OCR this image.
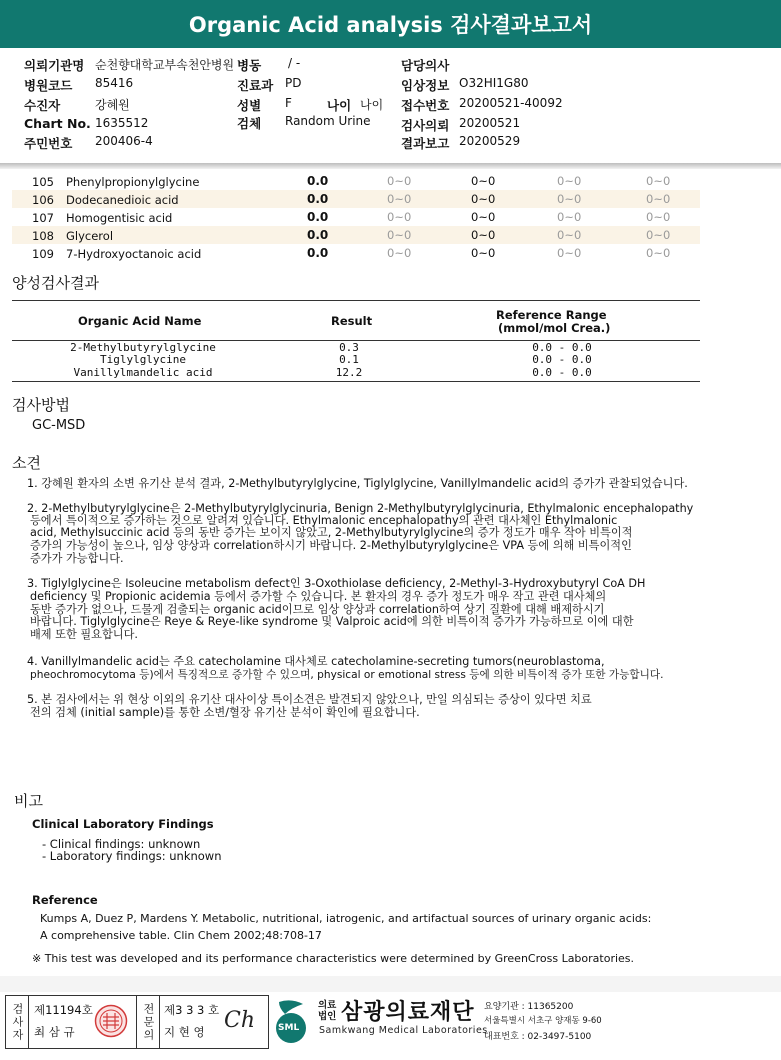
Organic Acid analysis 검사결과보고서
의뢰기관명 순천향대학교부속천안병원 병동 / -	담당의사
병원코드 85416	진료과 PD	임상정보 O32HI1G80
수진자	강혜원	성별 F	나이 나이 접수번호 20200521-40092
Chart No. 1635512	검체 Random Urine 검사의뢰 20200521
주민번호 200406-4	결과보고 20200529
105 Phenylpropionylglycine	0.0	0~0	0~0	0~0	0~0
106 Dodecanedioic acid	0.0	0~0	0~0	0~0	0~0
107 Homogentisic acid	0.0	0~0	0~0	0~0	0~0
108 Glycerol	0.0	0~0	0~0	0~0	0~0
109 7-Hydroxyoctanoic acid	0.0	0~0	0~0	0~0	0~0
양성검사결과
Organic Acid Name	Result	Reference Range
(mmol/mol Crea.)
2-Methylbutyrylglycine	0.3	0.0 - 0.0
Tiglylglycine	0.1	0.0 - 0.0
Vanillylmandelic acid	12.2	0.0 - 0.0
검사방법
GC-MSD
소견
1. 강혜원 환자의 소변 유기산 분석 결과, 2-Methylbutyrylglycine, Tiglylglycine, Vanillylmandelic acid의 증가가 관찰되었습니다.
2. 2-Methylbutyrylglycine은 2-Methylbutyrylglycinuria, Benign 2-Methylbutyrylglycinuria, Ethylmalonic encephalopathy
등에서 특이적으로 증가하는 것으로 알려져 있습니다. Ethylmalonic encephalopathy의 관련 대사체인 Ethylmalonic
acid, Methylsuccinic acid 등의 동반 증가는 보이지 않았고, 2-Methylbutyrylglycine의 증가 정도가 매우 작아 비특이적
증가의 가능성이 높으나, 임상 양상과 correlation하시기 바랍니다. 2-Methylbutyrylglycine은 VPA 등에 의해 비특이적인
증가가 가능합니다.
3. Tiglylglycine은 Isoleucine metabolism defect인 3-Oxothiolase deficiency, 2-Methyl-3-Hydroxybutyryl CoA DH
deficiency 및 Propionic acidemia 등에서 증가할 수 있습니다. 본 환자의 경우 증가 정도가 매우 작고 관련 대사체의
동반 증가가 없으나, 드물게 검출되는 organic acid이므로 임상 양상과 correlation하여 상기 질환에 대해 배제하시기
바랍니다. Tiglylglycine은 Reye & Reye-like syndrome 및 Valproic acid에 의한 비특이적 증가가 가능하므로 이에 대한
배제 또한 필요합니다.
4. Vanillylmandelic acid는 주요 catecholamine 대사체로 catecholamine-secreting tumors(neuroblastoma,
pheochromocytoma 등)에서 특징적으로 증가할 수 있으며, physical or emotional stress 등에 의한 비특이적 증가 또한 가능합니다.
5. 본 검사에서는 위 현상 이외의 유기산 대사이상 특이소견은 발견되지 않았으나, 만일 의심되는 증상이 있다면 치료
전의 검체 (initial sample)를 통한 소변/혈장 유기산 분석이 확인에 필요합니다.
비고
Clinical Laboratory Findings
- Clinical findings: unknown
- Laboratory findings: unknown
Reference
Kumps A, Duez P, Mardens Y. Metabolic, nutritional, iatrogenic, and artifactual sources of urinary organic acids:
A comprehensive table. Clin Chem 2002;48:708-17
※ This test was developed and its performance characteristics were determined by GreenCross Laboratories.
검사자 제11194호
최 삼 규	전문의 제3 3 3 호
지 현 영 Ch	SML
의료
법인 삼광의료재단
Samkwang Medical Laboratories
요양기관 : 11365200
서울특별시 서초구 양재동 9-60
대표번호 : 02-3497-5100
